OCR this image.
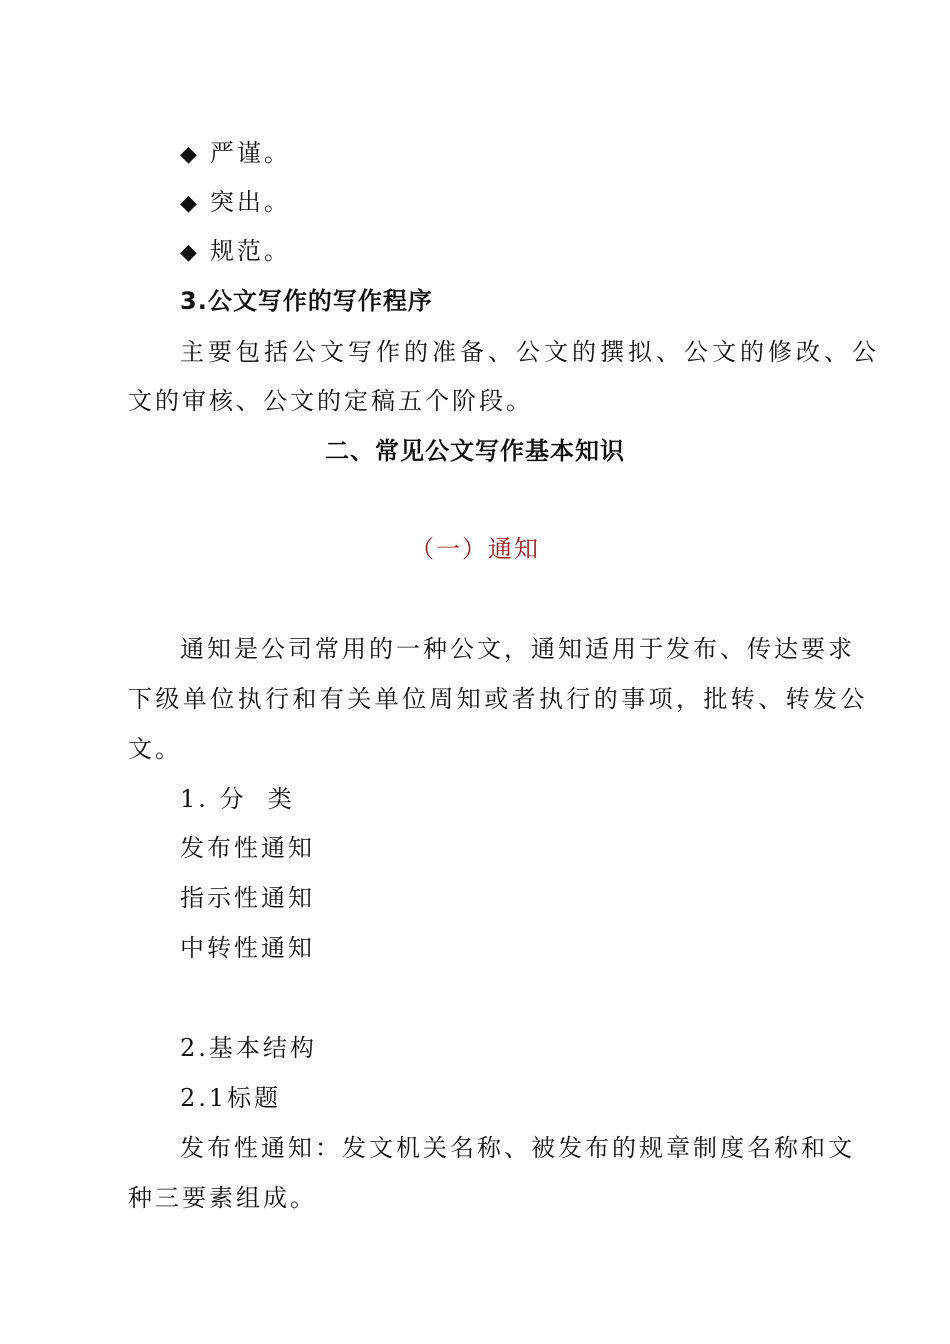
◆ 严谨。
◆ 突出。
◆ 规范。
3.公文写作的写作程序
主要包括公文写作的准备、公文的撰拟、公文的修改、公
文的审核、公文的定稿五个阶段。
二、常见公文写作基本知识
（一）通知
通知是公司常用的一种公文，通知适用于发布、传达要求
下级单位执行和有关单位周知或者执行的事项，批转、转发公
文。
1. 分  类
发布性通知
指示性通知
中转性通知
2.基本结构
2.1标题
发布性通知：发文机关名称、被发布的规章制度名称和文
种三要素组成。
